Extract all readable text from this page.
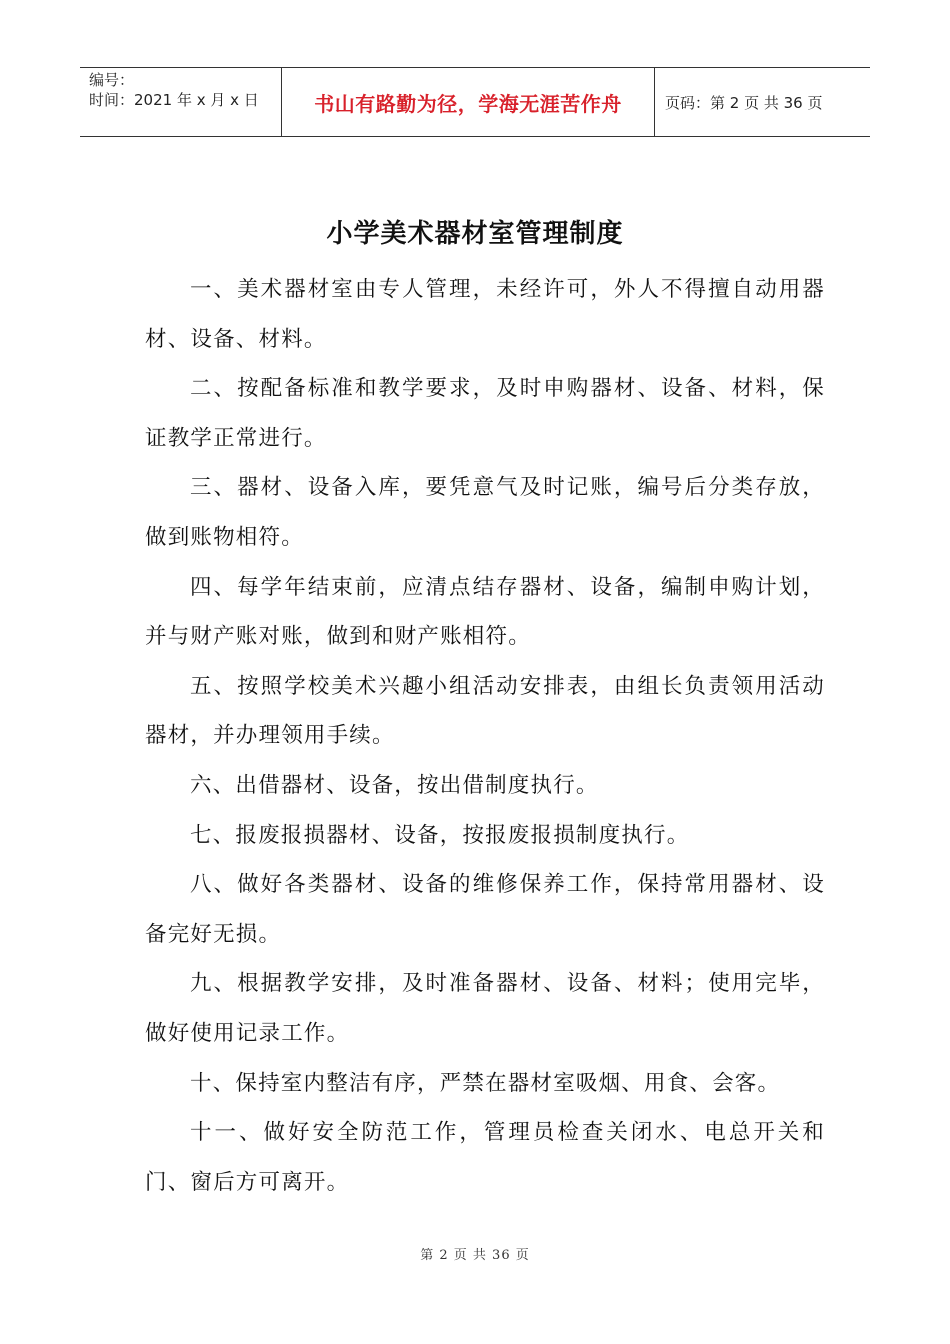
编号：
时间：2021 年 x 月 x 日	书山有路勤为径，学海无涯苦作舟	页码：第 2 页 共 36 页
小学美术器材室管理制度

一、美术器材室由专人管理，未经许可，外人不得擅自动用器材、设备、材料。

二、按配备标准和教学要求，及时申购器材、设备、材料，保证教学正常进行。

三、器材、设备入库，要凭意气及时记账，编号后分类存放，做到账物相符。

四、每学年结束前，应清点结存器材、设备，编制申购计划，并与财产账对账，做到和财产账相符。

五、按照学校美术兴趣小组活动安排表，由组长负责领用活动器材，并办理领用手续。

六、出借器材、设备，按出借制度执行。

七、报废报损器材、设备，按报废报损制度执行。

八、做好各类器材、设备的维修保养工作，保持常用器材、设备完好无损。

九、根据教学安排，及时准备器材、设备、材料；使用完毕，做好使用记录工作。

十、保持室内整洁有序，严禁在器材室吸烟、用食、会客。

十一、做好安全防范工作，管理员检查关闭水、电总开关和门、窗后方可离开。

第 2 页 共 36 页
